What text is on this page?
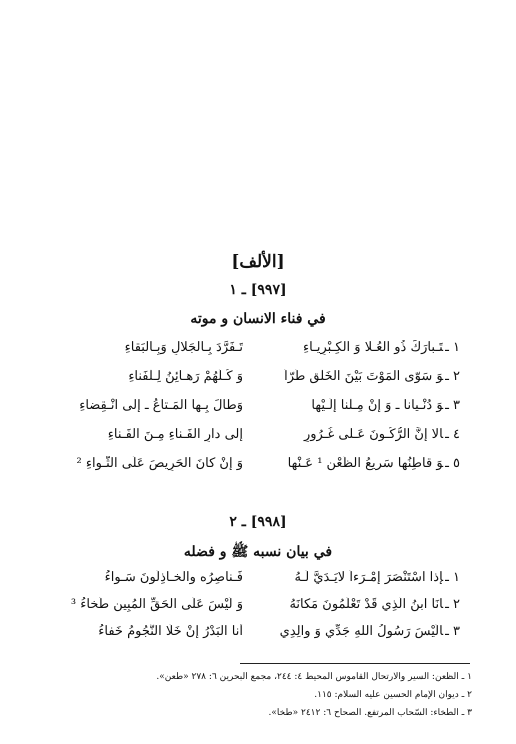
[الألف]
[٩٩٧] ـ ١
في فناء الانسان و موته
١ ـتَـبارَكَ ذُو العُـلا وَ الكِـبْرِيـاءِ
تَـفَرَّدَ بِـالجَلالِ وَبِـالبَقاءِ
٢ ـوَ سَوّى المَوْتَ بَيْنَ الخَلْقِ طُرّاً
وَ كُـلُّهُمْ رَهـائِنُ لِـلْفَناءِ
٣ ـوَ دُنْـيانا ـ وَ إنْ مِـلْنا إلَـيْها
وَطالَ بِـها المَـتاعُ ـ إلى انْـقِضاءِ
٤ ـألا إنَّ الرُّكُـونَ عَـلى غُـرُورٍ
إلى دارِ الفَـناءِ مِـنَ الفَـناءِ
٥ ـوَ قاطِنُها سَريعُ الظَّعْنِ ¹ عَـنْها
وَ إنْ كانَ الحَرِيصَ عَلَى الثَّـواءِ ²
[٩٩٨] ـ ٢
في بيان نسبه ﷺ و فضله
١ ـإذا اسْتَنْصَرَ إمْـرَءاً لايَـدَيَّ لَـهُ
فَـناصِرُه والخـاذِلُونَ سَـواءُ
٢ ـأنَا ابنُ الَّذِي قَدْ تَعْلَمُونَ مَكانَهُ
وَ لَيْسَ عَلَى الحَقِّ المُبِينِ طَخاءُ ³
٣ ـألَيْسَ رَسُولُ اللهِ جَدِّي وَ والِدِي
أنا البَدْرُ إنْ خَلَا النُّجُومُ خَفاءُ
١ ـ الظّعن: السير والارتحال القاموس المحيط ٤: ٢٤٤، مجمع البحرين ٦: ٢٧٨ «طعن».
٢ ـ ديوان الإمام الحسين عليه السلام: ١١٥.
٣ ـ الطخاء: السّحاب المرتفع. الصحاح ٦: ٢٤١٢ «طخا».
